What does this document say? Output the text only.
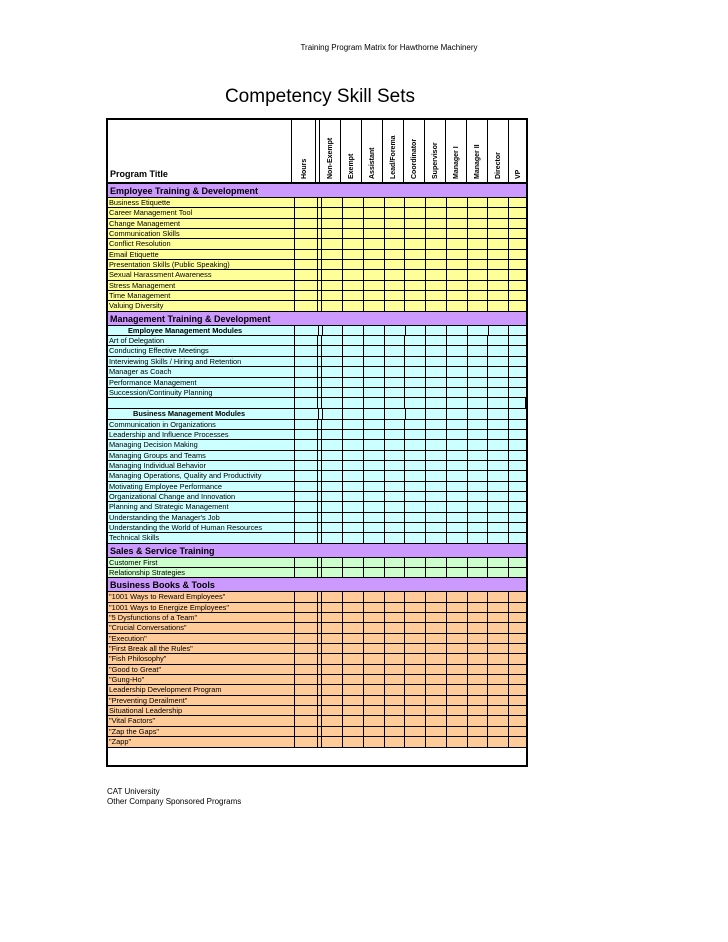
Training Program Matrix for Hawthorne Machinery
Competency Skill Sets
Program Title	Hours	Non-Exempt Exempt Assistant Lead/Forema Coordinator Supervisor Manager I Manager II Director VP
Employee Training & Development
Business Etiquette
Career Management Tool
Change Management
Communication Skills
Conflict Resolution
Email Etiquette
Presentation Skills (Public Speaking)
Sexual Harassment Awareness
Stress Management
Time Management
Valuing Diversity
Management Training & Development
Employee Management Modules
Art of Delegation
Conducting Effective Meetings
Interviewing Skills / Hiring and Retention
Manager as Coach
Performance Management
Succession/Continuity Planning
Business Management Modules
Communication in Organizations
Leadership and Influence Processes
Managing Decision Making
Managing Groups and Teams
Managing Individual Behavior
Managing Operations, Quality and Productivity
Motivating Employee Performance
Organizational Change and Innovation
Planning and Strategic Management
Understanding the Manager's Job
Understanding the World of Human Resources
Technical Skills
Sales & Service Training
Customer First
Relationship Strategies
Business Books & Tools
"1001 Ways to Reward Employees"
"1001 Ways to Energize Employees"
"5 Dysfunctions of a Team"
"Crucial Conversations"
"Execution"
"First Break all the Rules"
"Fish Philosophy"
"Good to Great"
"Gung-Ho"
Leadership Development Program
"Preventing Derailment"
Situational Leadership
"Vital Factors"
"Zap the Gaps"
"Zapp"
CAT University
Other Company Sponsored Programs
